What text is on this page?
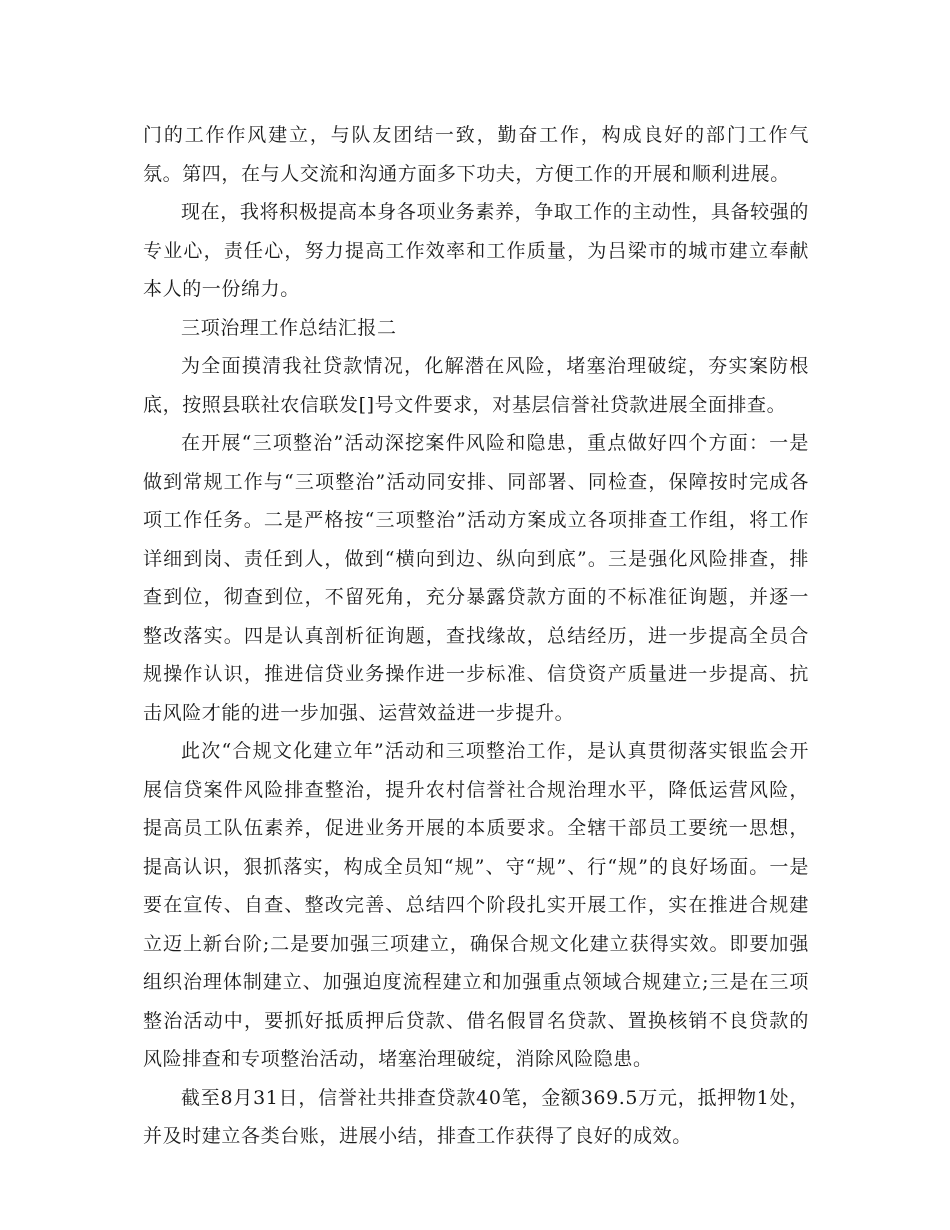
门的工作作风建立，与队友团结一致，勤奋工作，构成良好的部门工作气氛。第四，在与人交流和沟通方面多下功夫，方便工作的开展和顺利进展。

现在，我将积极提高本身各项业务素养，争取工作的主动性，具备较强的专业心，责任心，努力提高工作效率和工作质量，为吕梁市的城市建立奉献本人的一份绵力。

三项治理工作总结汇报二

为全面摸清我社贷款情况，化解潜在风险，堵塞治理破绽，夯实案防根底，按照县联社农信联发[]号文件要求，对基层信誉社贷款进展全面排查。

在开展“三项整治”活动深挖案件风险和隐患，重点做好四个方面：一是做到常规工作与“三项整治”活动同安排、同部署、同检查，保障按时完成各项工作任务。二是严格按“三项整治”活动方案成立各项排查工作组，将工作详细到岗、责任到人，做到“横向到边、纵向到底”。三是强化风险排查，排查到位，彻查到位，不留死角，充分暴露贷款方面的不标准征询题，并逐一整改落实。四是认真剖析征询题，查找缘故，总结经历，进一步提高全员合规操作认识，推进信贷业务操作进一步标准、信贷资产质量进一步提高、抗击风险才能的进一步加强、运营效益进一步提升。

此次“合规文化建立年”活动和三项整治工作，是认真贯彻落实银监会开展信贷案件风险排查整治，提升农村信誉社合规治理水平，降低运营风险，提高员工队伍素养，促进业务开展的本质要求。全辖干部员工要统一思想，提高认识，狠抓落实，构成全员知“规”、守“规”、行“规”的良好场面。一是要在宣传、自查、整改完善、总结四个阶段扎实开展工作，实在推进合规建立迈上新台阶;二是要加强三项建立，确保合规文化建立获得实效。即要加强组织治理体制建立、加强迫度流程建立和加强重点领域合规建立;三是在三项整治活动中，要抓好抵质押后贷款、借名假冒名贷款、置换核销不良贷款的风险排查和专项整治活动，堵塞治理破绽，消除风险隐患。

截至8月31日，信誉社共排查贷款40笔，金额369.5万元，抵押物1处，并及时建立各类台账，进展小结，排查工作获得了良好的成效。
